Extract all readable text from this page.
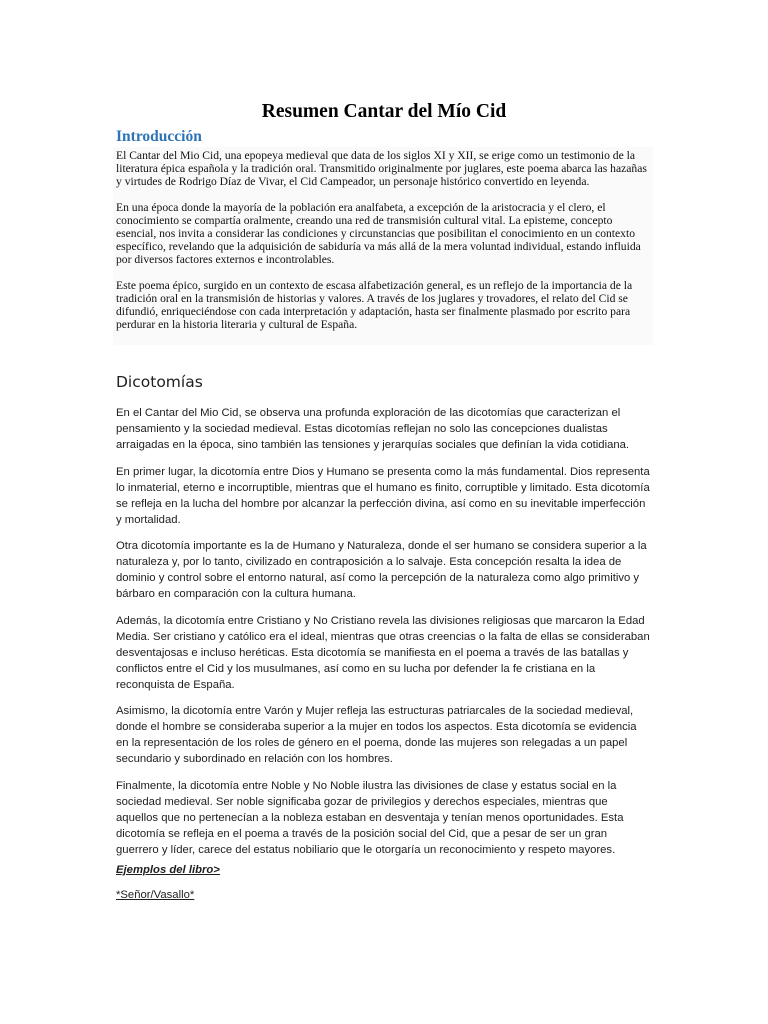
Resumen Cantar del Mío Cid
Introducción

El Cantar del Mio Cid, una epopeya medieval que data de los siglos XI y XII, se erige como un testimonio de la literatura épica española y la tradición oral. Transmitido originalmente por juglares, este poema abarca las hazañas y virtudes de Rodrigo Díaz de Vivar, el Cid Campeador, un personaje histórico convertido en leyenda.

En una época donde la mayoría de la población era analfabeta, a excepción de la aristocracia y el clero, el conocimiento se compartía oralmente, creando una red de transmisión cultural vital. La episteme, concepto esencial, nos invita a considerar las condiciones y circunstancias que posibilitan el conocimiento en un contexto específico, revelando que la adquisición de sabiduría va más allá de la mera voluntad individual, estando influida por diversos factores externos e incontrolables.

Este poema épico, surgido en un contexto de escasa alfabetización general, es un reflejo de la importancia de la tradición oral en la transmisión de historias y valores. A través de los juglares y trovadores, el relato del Cid se difundió, enriqueciéndose con cada interpretación y adaptación, hasta ser finalmente plasmado por escrito para perdurar en la historia literaria y cultural de España.

Dicotomías

En el Cantar del Mio Cid, se observa una profunda exploración de las dicotomías que caracterizan el pensamiento y la sociedad medieval. Estas dicotomías reflejan no solo las concepciones dualistas arraigadas en la época, sino también las tensiones y jerarquías sociales que definían la vida cotidiana.

En primer lugar, la dicotomía entre Dios y Humano se presenta como la más fundamental. Dios representa lo inmaterial, eterno e incorruptible, mientras que el humano es finito, corruptible y limitado. Esta dicotomía se refleja en la lucha del hombre por alcanzar la perfección divina, así como en su inevitable imperfección y mortalidad.

Otra dicotomía importante es la de Humano y Naturaleza, donde el ser humano se considera superior a la naturaleza y, por lo tanto, civilizado en contraposición a lo salvaje. Esta concepción resalta la idea de dominio y control sobre el entorno natural, así como la percepción de la naturaleza como algo primitivo y bárbaro en comparación con la cultura humana.

Además, la dicotomía entre Cristiano y No Cristiano revela las divisiones religiosas que marcaron la Edad Media. Ser cristiano y católico era el ideal, mientras que otras creencias o la falta de ellas se consideraban desventajosas e incluso heréticas. Esta dicotomía se manifiesta en el poema a través de las batallas y conflictos entre el Cid y los musulmanes, así como en su lucha por defender la fe cristiana en la reconquista de España.

Asimismo, la dicotomía entre Varón y Mujer refleja las estructuras patriarcales de la sociedad medieval, donde el hombre se consideraba superior a la mujer en todos los aspectos. Esta dicotomía se evidencia en la representación de los roles de género en el poema, donde las mujeres son relegadas a un papel secundario y subordinado en relación con los hombres.

Finalmente, la dicotomía entre Noble y No Noble ilustra las divisiones de clase y estatus social en la sociedad medieval. Ser noble significaba gozar de privilegios y derechos especiales, mientras que aquellos que no pertenecían a la nobleza estaban en desventaja y tenían menos oportunidades. Esta dicotomía se refleja en el poema a través de la posición social del Cid, que a pesar de ser un gran guerrero y líder, carece del estatus nobiliario que le otorgaría un reconocimiento y respeto mayores.

Ejemplos del libro>

*Señor/Vasallo*
